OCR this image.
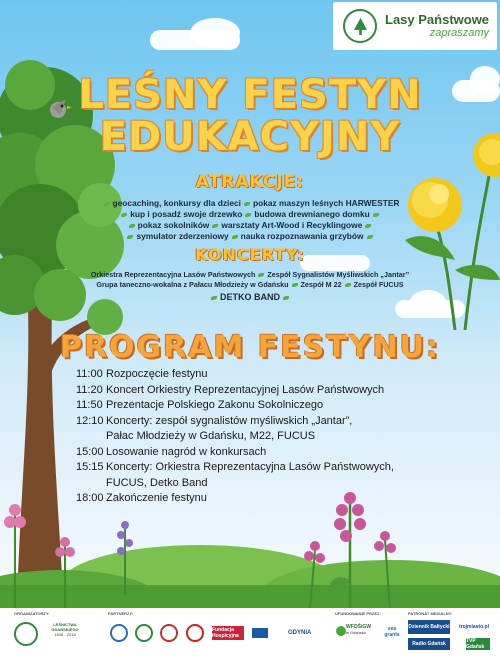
Lasy Państwowe
zapraszamy
LEŚNY FESTYN
EDUKACYJNY
ATRAKCJE:
geocaching, konkursy dla dzieci pokaz maszyn leśnych HARWESTER
kup i posadź swoje drzewko budowa drewnianego domku
pokaz sokolników warsztaty Art-Wood i Recyklingowe
symulator zderzeniowy nauka rozpoznawania grzybów
KONCERTY:
Orkiestra Reprezentacyjna Lasów Państwowych Zespół Sygnalistów Myśliwskich „Jantar”
Grupa taneczno-wokalna z Pałacu Młodzieży w Gdańsku Zespół M 22 Zespół FUCUS
DETKO BAND
PROGRAM FESTYNU:
11:00 Rozpoczęcie festynu
11:20 Koncert Orkiestry Reprezentacyjnej Lasów Państwowych
11:50 Prezentacje Polskiego Zakonu Sokolniczego
12:10 Koncerty: zespół sygnalistów myśliwskich „Jantar”,
Pałac Młodzieży w Gdańsku, M22, FUCUS
15:00 Losowanie nagród w konkursach
15:15 Koncerty: Orkiestra Reprezentacyjna Lasów Państwowych,
FUCUS, Detko Band
18:00 Zakończenie festynu
ORGANIZATORZY:	PARTNERZY:	UFUNDOWANIE PRZEZ:	PATRONAT MEDIALNY:
LEŚNICTWA GDAŃSKIEGO
1945 - 2015
Fundacja Hospicyjna	GDYNIA
WFOŚiGW
w Gdańsku
eea grants
Dziennik Bałtycki	trojmiasto.pl
Radio Gdańsk	TVP Gdańsk
